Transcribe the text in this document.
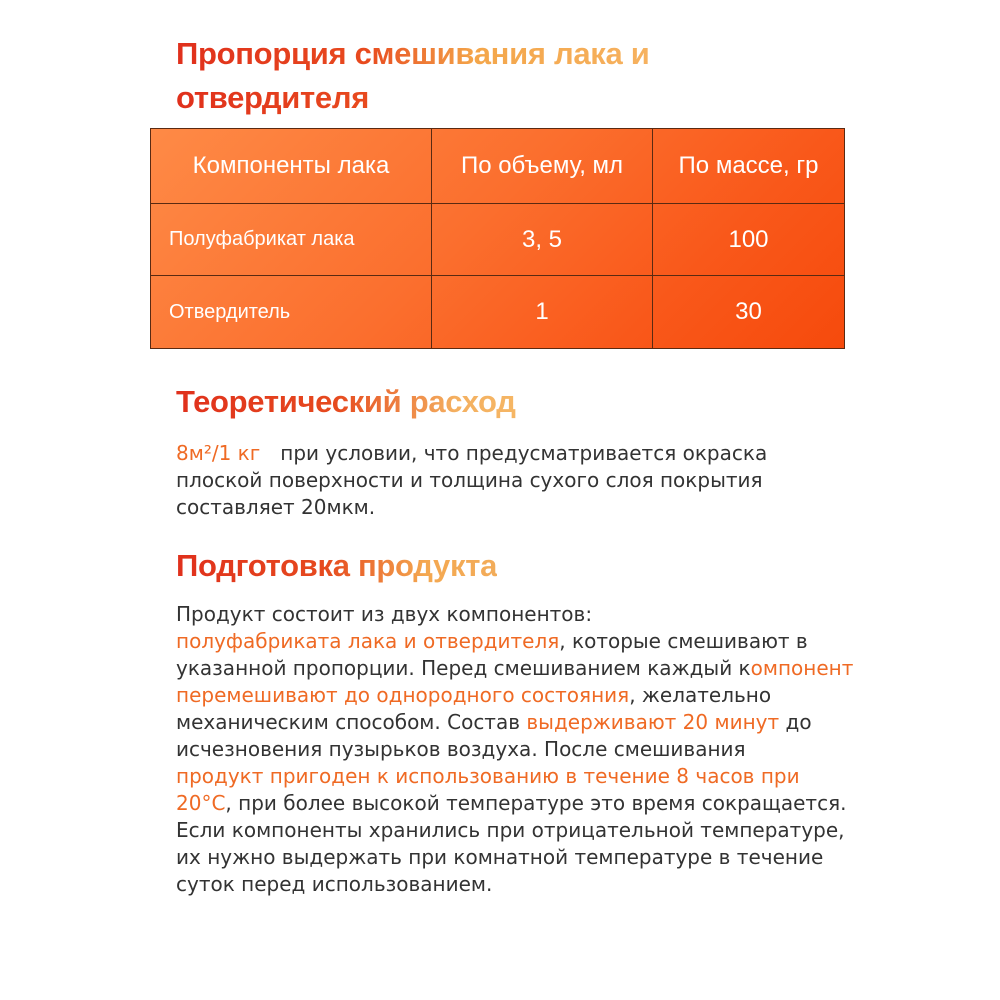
Пропорция смешивания лака и отвердителя
Компоненты лака	По объему, мл	По массе, гр
Полуфабрикат лака	3, 5	100
Отвердитель	1	30
Теоретический расход

8м²/1 кг при условии, что предусматривается окраска плоской поверхности и толщина сухого слоя покрытия составляет 20мкм.

Подготовка продукта

Продукт состоит из двух компонентов:
полуфабриката лака и отвердителя, которые смешивают в указанной пропорции. Перед смешиванием каждый компонент перемешивают до однородного состояния, желательно механическим способом. Состав выдерживают 20 минут до исчезновения пузырьков воздуха. После смешивания
продукт пригоден к использованию в течение 8 часов при 20°С, при более высокой температуре это время сокращается. Если компоненты хранились при отрицательной температуре, их нужно выдержать при комнатной температуре в течение суток перед использованием.
